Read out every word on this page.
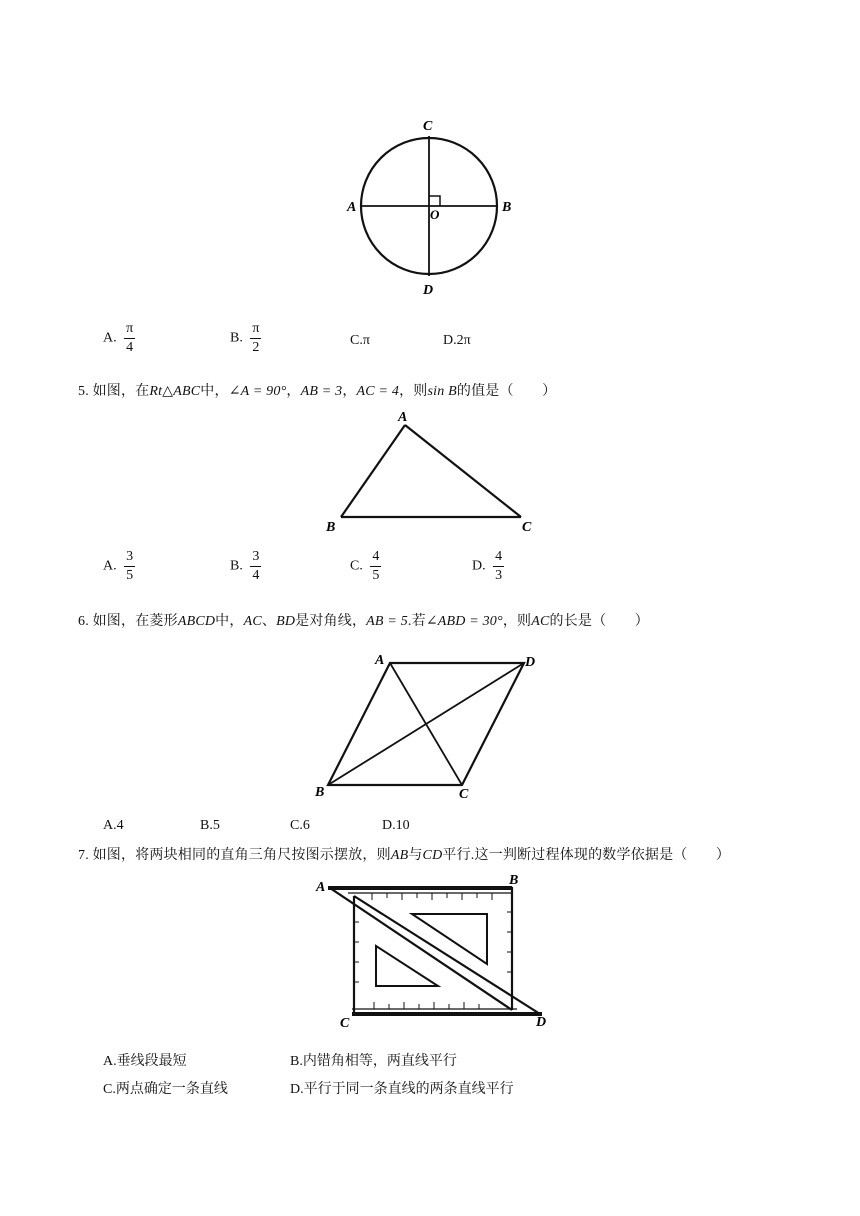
C
A	O	B
D
A. $\frac{\pi}{4}$	B. $\frac{\pi}{2}$	C.π	D.2π
5. 如图，在Rt△ABC中，∠A = 90°，AB = 3，AC = 4，则sin B的值是（　　）
A
B	C
A. $\frac{3}{5}$	B. $\frac{3}{4}$	C. $\frac{4}{5}$	D. $\frac{4}{3}$
6. 如图，在菱形ABCD中，AC、BD是对角线，AB = 5.若∠ABD = 30°，则AC的长是（　　）
A	D
B	C
A.4	B.5	C.6	D.10
7. 如图，将两块相同的直角三角尺按图示摆放，则AB与CD平行.这一判断过程体现的数学依据是（　　）
A	B
C	D
A.垂线段最短	B.内错角相等，两直线平行
C.两点确定一条直线	D.平行于同一条直线的两条直线平行
